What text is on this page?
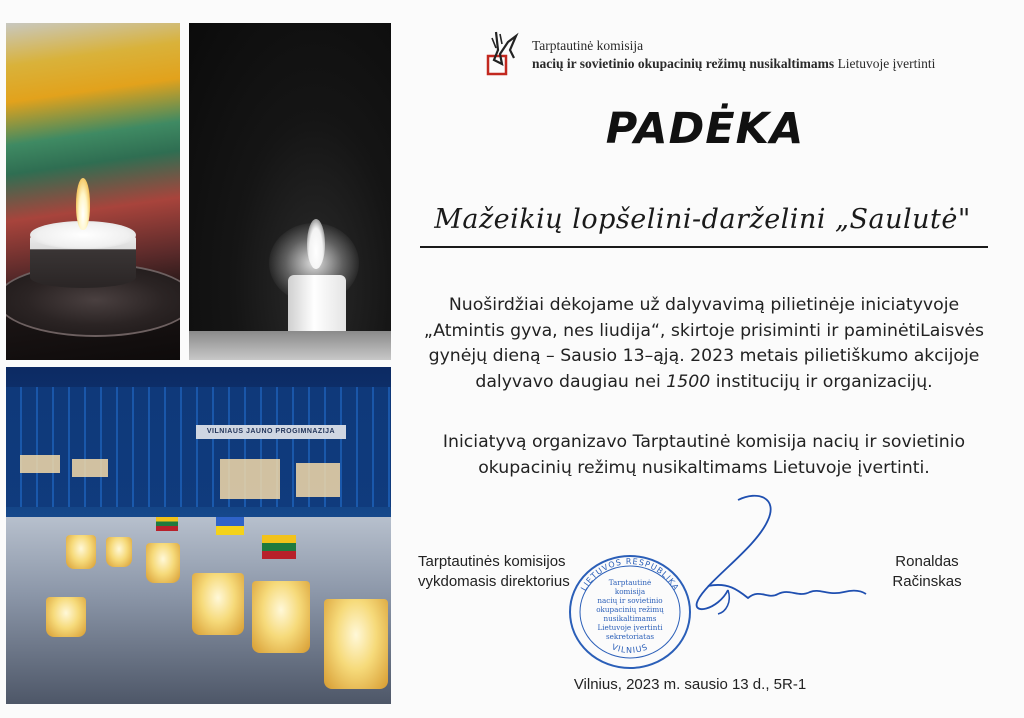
VILNIAUS JAUNO PROGIMNAZIJA
Tarptautinė komisija
nacių ir sovietinio okupacinių režimų nusikaltimams Lietuvoje įvertinti
PADĖKA
Mažeikių lopšelini-darželini „Saulutė"
Nuoširdžiai dėkojame už dalyvavimą pilietinėje iniciatyvoje „Atmintis gyva, nes liudija“, skirtoje prisiminti ir paminėtiLaisvės gynėjų dieną – Sausio 13–ąją. 2023 metais pilietiškumo akcijoje dalyvavo daugiau nei 1500 institucijų ir organizacijų.
Iniciatyvą organizavo Tarptautinė komisija nacių ir sovietinio okupacinių režimų nusikaltimams Lietuvoje įvertinti.
Tarptautinės komisijos
vykdomasis direktorius LIETUVOS RESPUBLIKA
VILNIUS
Tarptautinė
komisija
nacių ir sovietinio
okupacinių režimų
nusikaltimams
Lietuvoje įvertinti
sekretoriatas
Ronaldas
Račinskas
Vilnius, 2023 m. sausio 13 d., 5R-1
